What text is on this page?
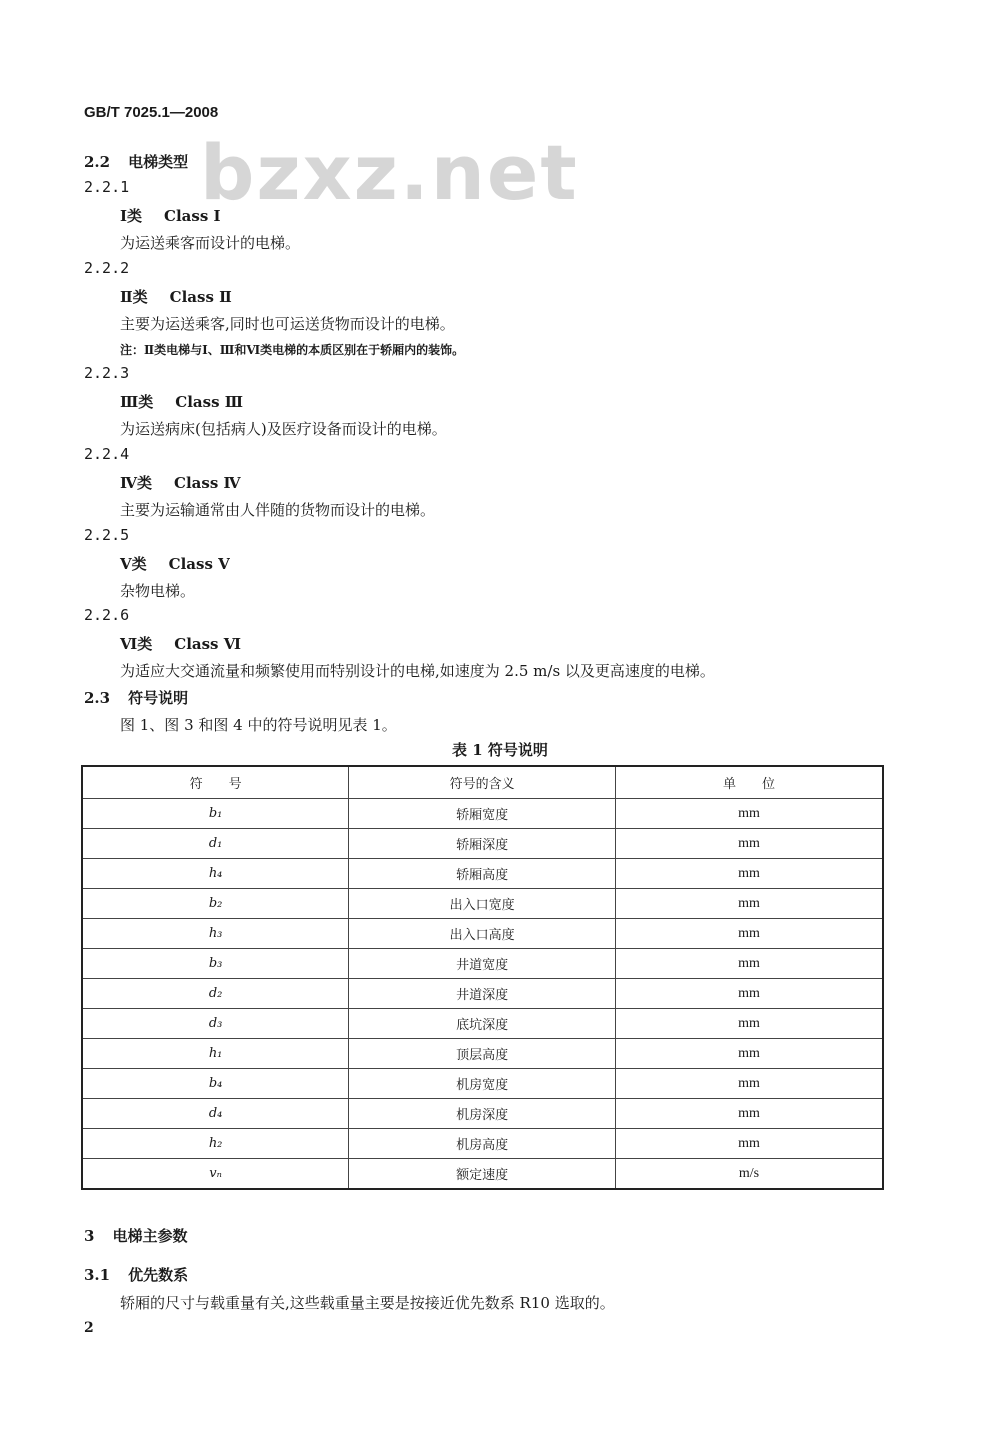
GB/T 7025.1—2008
bzxz.net
2.2 电梯类型
2.2.1
Ⅰ类 Class Ⅰ
为运送乘客而设计的电梯。
2.2.2
Ⅱ类 Class Ⅱ
主要为运送乘客,同时也可运送货物而设计的电梯。
注：Ⅱ类电梯与Ⅰ、Ⅲ和Ⅵ类电梯的本质区别在于轿厢内的装饰。
2.2.3
Ⅲ类 Class Ⅲ
为运送病床(包括病人)及医疗设备而设计的电梯。
2.2.4
Ⅳ类 Class Ⅳ
主要为运输通常由人伴随的货物而设计的电梯。
2.2.5
Ⅴ类 Class Ⅴ
杂物电梯。
2.2.6
Ⅵ类 Class Ⅵ
为适应大交通流量和频繁使用而特别设计的电梯,如速度为 2.5 m/s 以及更高速度的电梯。
2.3 符号说明
图 1、图 3 和图 4 中的符号说明见表 1。
表 1 符号说明
符　　号	符号的含义	单　　位
b₁	轿厢宽度	mm
d₁	轿厢深度	mm
h₄	轿厢高度	mm
b₂	出入口宽度	mm
h₃	出入口高度	mm
b₃	井道宽度	mm
d₂	井道深度	mm
d₃	底坑深度	mm
h₁	顶层高度	mm
b₄	机房宽度	mm
d₄	机房深度	mm
h₂	机房高度	mm
vₙ	额定速度	m/s
3 电梯主参数
3.1 优先数系
轿厢的尺寸与载重量有关,这些载重量主要是按接近优先数系 R10 选取的。
2
